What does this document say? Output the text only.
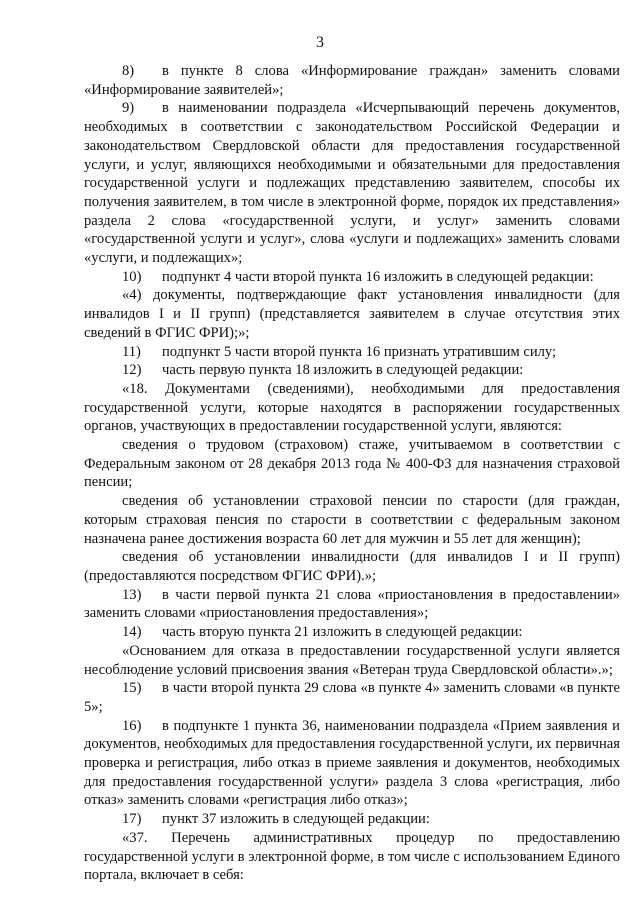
3

8) в пункте 8 слова «Информирование граждан» заменить словами «Информирование заявителей»;

9) в наименовании подраздела «Исчерпывающий перечень документов, необходимых в соответствии с законодательством Российской Федерации и законодательством Свердловской области для предоставления государственной услуги, и услуг, являющихся необходимыми и обязательными для предоставления государственной услуги и подлежащих представлению заявителем, способы их получения заявителем, в том числе в электронной форме, порядок их представления» раздела 2 слова «государственной услуги, и услуг» заменить словами «государственной услуги и услуг», слова «услуги и подлежащих» заменить словами «услуги, и подлежащих»;

10) подпункт 4 части второй пункта 16 изложить в следующей редакции:

«4) документы, подтверждающие факт установления инвалидности (для инвалидов I и II групп) (представляется заявителем в случае отсутствия этих сведений в ФГИС ФРИ);»;

11) подпункт 5 части второй пункта 16 признать утратившим силу;

12) часть первую пункта 18 изложить в следующей редакции:

«18. Документами (сведениями), необходимыми для предоставления государственной услуги, которые находятся в распоряжении государственных органов, участвующих в предоставлении государственной услуги, являются:

сведения о трудовом (страховом) стаже, учитываемом в соответствии с Федеральным законом от 28 декабря 2013 года № 400-ФЗ для назначения страховой пенсии;

сведения об установлении страховой пенсии по старости (для граждан, которым страховая пенсия по старости в соответствии с федеральным законом назначена ранее достижения возраста 60 лет для мужчин и 55 лет для женщин);

сведения об установлении инвалидности (для инвалидов I и II групп) (предоставляются посредством ФГИС ФРИ).»;

13) в части первой пункта 21 слова «приостановления в предоставлении» заменить словами «приостановления предоставления»;

14) часть вторую пункта 21 изложить в следующей редакции:

«Основанием для отказа в предоставлении государственной услуги является несоблюдение условий присвоения звания «Ветеран труда Свердловской области».»;

15) в части второй пункта 29 слова «в пункте 4» заменить словами «в пункте 5»;

16) в подпункте 1 пункта 36, наименовании подраздела «Прием заявления и документов, необходимых для предоставления государственной услуги, их первичная проверка и регистрация, либо отказ в приеме заявления и документов, необходимых для предоставления государственной услуги» раздела 3 слова «регистрация, либо отказ» заменить словами «регистрация либо отказ»;

17) пункт 37 изложить в следующей редакции:

«37. Перечень административных процедур по предоставлению государственной услуги в электронной форме, в том числе с использованием Единого портала, включает в себя:
